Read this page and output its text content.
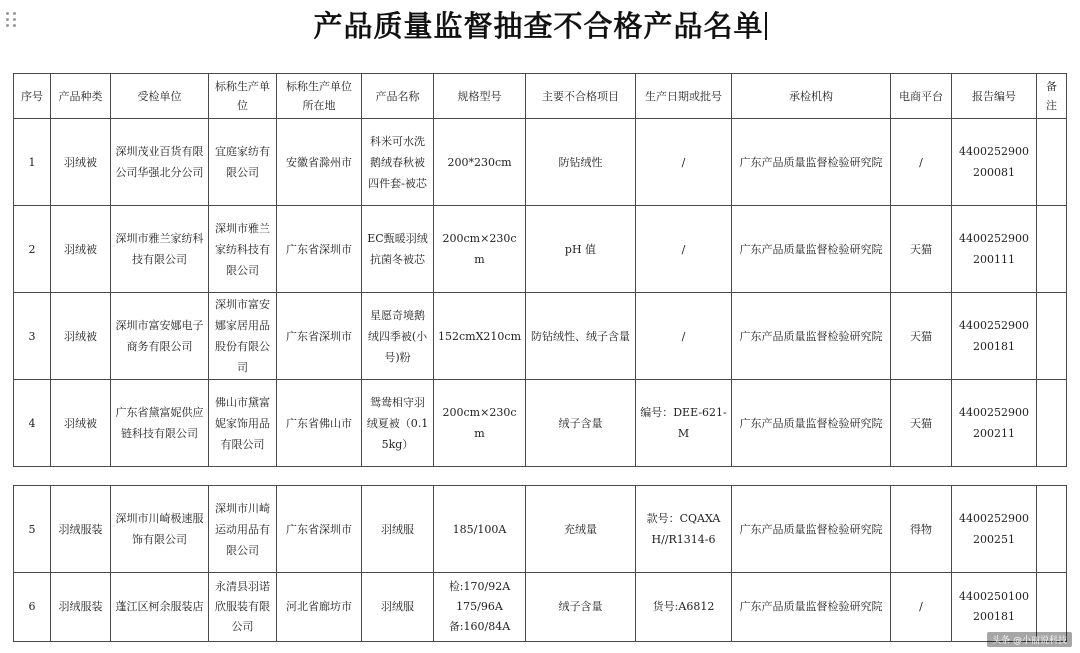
产品质量监督抽查不合格产品名单
序号	产品种类	受检单位	标称生产单位	标称生产单位所在地	产品名称	规格型号	主要不合格项目	生产日期或批号	承检机构	电商平台	报告编号	备注
1	羽绒被	深圳茂业百货有限公司华强北分公司	宜庭家纺有限公司	安徽省滁州市	科米可水洗鹅绒春秋被四件套-被芯	200*230cm	防钻绒性	/	广东产品质量监督检验研究院	/	4400252900200081	
2	羽绒被	深圳市雅兰家纺科技有限公司	深圳市雅兰家纺科技有限公司	广东省深圳市	EC甄暖羽绒抗菌冬被芯	200cm×230cm	pH 值	/	广东产品质量监督检验研究院	天猫	4400252900200111	
3	羽绒被	深圳市富安娜电子商务有限公司	深圳市富安娜家居用品股份有限公司	广东省深圳市	星愿奇境鹅绒四季被(小号)粉	152cmX210cm	防钻绒性、绒子含量	/	广东产品质量监督检验研究院	天猫	4400252900200181	
4	羽绒被	广东省黛富妮供应链科技有限公司	佛山市黛富妮家饰用品有限公司	广东省佛山市	鸳鸯相守羽绒夏被（0.15kg）	200cm×230cm	绒子含量	编号：DEE-621-M	广东产品质量监督检验研究院	天猫	4400252900200211	
5	羽绒服装	深圳市川崎极速服饰有限公司	深圳市川崎运动用品有限公司	广东省深圳市	羽绒服	185/100A	充绒量	款号：CQAXAH//R1314-6	广东产品质量监督检验研究院	得物	4400252900200251	
6	羽绒服装	蓬江区柯余服装店	永清县羽诺欣服装有限公司	河北省廊坊市	羽绒服	检:170/92A
175/96A
备:160/84A	绒子含量	货号:A6812	广东产品质量监督检验研究院	/	4400250100200181	
头条 @小丽说科技
